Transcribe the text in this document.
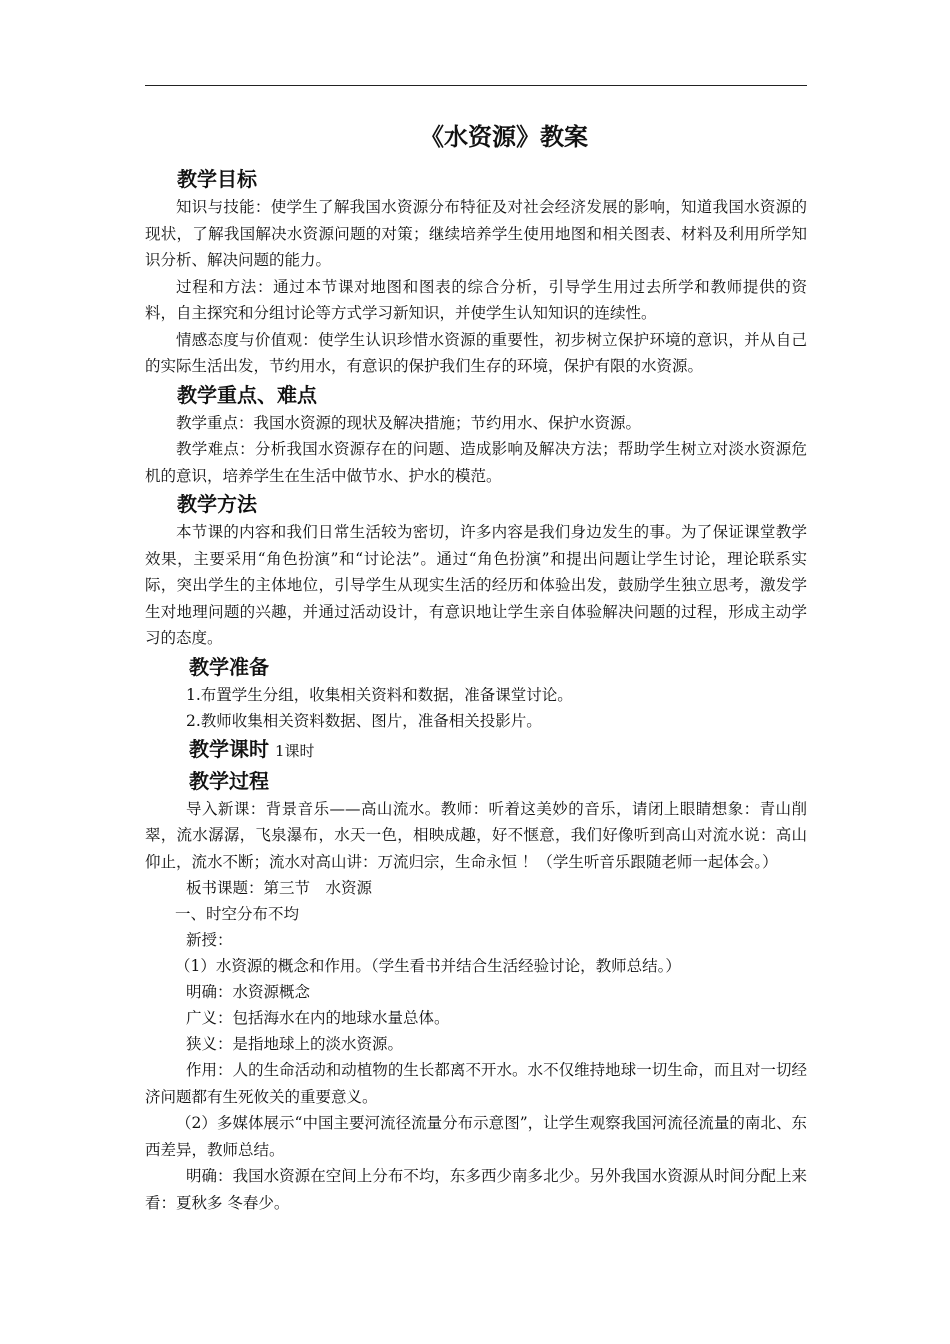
《水资源》教案
教学目标

知识与技能：使学生了解我国水资源分布特征及对社会经济发展的影响，知道我国水资源的现状，了解我国解决水资源问题的对策；继续培养学生使用地图和相关图表、材料及利用所学知识分析、解决问题的能力。

过程和方法：通过本节课对地图和图表的综合分析，引导学生用过去所学和教师提供的资料，自主探究和分组讨论等方式学习新知识，并使学生认知知识的连续性。

情感态度与价值观：使学生认识珍惜水资源的重要性，初步树立保护环境的意识，并从自己的实际生活出发，节约用水，有意识的保护我们生存的环境，保护有限的水资源。

教学重点、难点

教学重点：我国水资源的现状及解决措施；节约用水、保护水资源。

教学难点：分析我国水资源存在的问题、造成影响及解决方法；帮助学生树立对淡水资源危机的意识，培养学生在生活中做节水、护水的模范。

教学方法

本节课的内容和我们日常生活较为密切，许多内容是我们身边发生的事。为了保证课堂教学效果，主要采用“角色扮演”和“讨论法”。通过“角色扮演”和提出问题让学生讨论，理论联系实际，突出学生的主体地位，引导学生从现实生活的经历和体验出发，鼓励学生独立思考，激发学生对地理问题的兴趣，并通过活动设计，有意识地让学生亲自体验解决问题的过程，形成主动学习的态度。

教学准备

1.布置学生分组，收集相关资料和数据，准备课堂讨论。

2.教师收集相关资料数据、图片，准备相关投影片。

教学课时 1课时
教学过程

导入新课：背景音乐——高山流水。教师：听着这美妙的音乐，请闭上眼睛想象：青山削翠，流水潺潺，飞泉瀑布，水天一色，相映成趣，好不惬意，我们好像听到高山对流水说：高山仰止，流水不断；流水对高山讲：万流归宗，生命永恒 ！（学生听音乐跟随老师一起体会。）

板书课题：第三节　水资源

一、时空分布不均

新授：

（1）水资源的概念和作用。（学生看书并结合生活经验讨论，教师总结。）

明确：水资源概念

广义：包括海水在内的地球水量总体。

狭义：是指地球上的淡水资源。

作用：人的生命活动和动植物的生长都离不开水。水不仅维持地球一切生命，而且对一切经济问题都有生死攸关的重要意义。

（2）多媒体展示“中国主要河流径流量分布示意图”，让学生观察我国河流径流量的南北、东西差异，教师总结。

明确：我国水资源在空间上分布不均，东多西少南多北少。另外我国水资源从时间分配上来看：夏秋多 冬春少。
